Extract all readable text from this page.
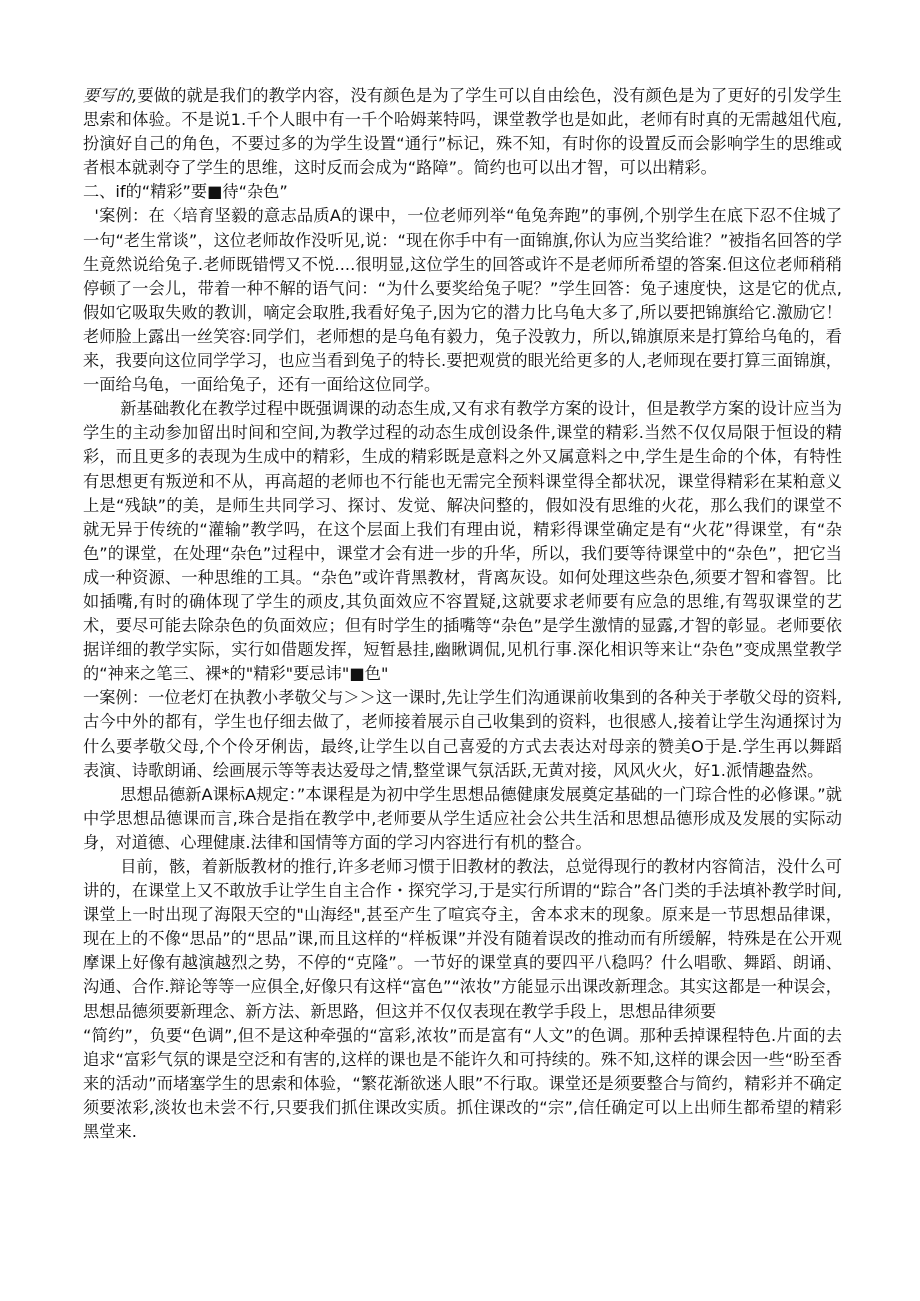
要写的,要做的就是我们的教学内容，没有颜色是为了学生可以自由绘色，没有颜色是为了更好的引发学生思索和体验。不是说1.千个人眼中有一千个哈姆莱特吗，课堂教学也是如此，老师有时真的无需越俎代庖,扮演好自己的角色，不要过多的为学生设置“通行”标记，殊不知，有时你的设置反而会影响学生的思维或者根本就剥夺了学生的思维，这时反而会成为“路障”。简约也可以出才智，可以出精彩。

二、if的“精彩”要■待“杂色”

'案例：在〈培育坚毅的意志品质A的课中，一位老师列举“龟兔奔跑”的事例,个别学生在底下忍不住城了一句“老生常谈”，这位老师故作没听见,说：“现在你手中有一面锦旗,你认为应当奖给谁？”被指名回答的学生竟然说给兔子.老师既错愕又不悦....很明显,这位学生的回答或许不是老师所希望的答案.但这位老师稍稍停顿了一会儿，带着一种不解的语气问：“为什么要奖给兔子呢？”学生回答：兔子速度快，这是它的优点,假如它吸取失败的教训，嘀定会取胜,我看好兔子,因为它的潜力比乌龟大多了,所以要把锦旗给它.激励它！老师脸上露出一丝笑容:同学们，老师想的是乌龟有毅力，兔子没敦力，所以,锦旗原来是打算给乌龟的，看来，我要向这位同学学习，也应当看到兔子的特长.要把观赏的眼光给更多的人,老师现在要打算三面锦旗，一面给乌龟，一面给兔子，还有一面给这位同学。

新基础教化在教学过程中既强调课的动态生成,又有求有教学方案的设计，但是教学方案的设计应当为学生的主动参加留出时间和空间,为教学过程的动态生成创设条件,课堂的精彩.当然不仅仅局限于恒设的精彩，而且更多的表现为生成中的精彩，生成的精彩既是意料之外又属意料之中,学生是生命的个体，有特性有思想更有叛逆和不从，再高超的老师也不行能也无需完全预料课堂得全都状况，课堂得精彩在某粕意义上是“残缺”的美，是师生共同学习、探讨、发觉、解决问整的，假如没有思维的火花，那么我们的课堂不就无异于传统的“灌输”教学吗，在这个层面上我们有理由说，精彩得课堂确定是有“火花”得课堂，有“杂色”的课堂，在处理“杂色”过程中，课堂才会有进一步的升华，所以，我们要等待课堂中的“杂色”，把它当成一种资源、一种思维的工具。“杂色”或许背黑教材，背离灰设。如何处理这些杂色,须要才智和睿智。比如插嘴,有时的确体现了学生的顽皮,其负面效应不容置疑,这就要求老师要有应急的思维,有驾驭课堂的艺术，要尽可能去除杂色的负面效应；但有时学生的插嘴等“杂色”是学生激情的显露,才智的彰显。老师要依据详细的教学实际，实行如借题发挥，短暂悬挂,幽瞅调侃,见机行事.深化相识等来让“杂色”变成黑堂教学的“神来之笔三、裸*的"精彩"要忌讳"■色"

一案例：一位老灯在执教小孝敬父与＞＞这一课时,先让学生们沟通课前收集到的各种关于孝敬父母的资料,古今中外的都有，学生也仔细去做了，老师接着展示自己收集到的资料，也很感人,接着让学生沟通探讨为什么要孝敬父母,个个伶牙俐齿，最终,让学生以自己喜爱的方式去表达对母亲的赞美O于是.学生再以舞蹈表演、诗歌朗诵、绘画展示等等表达爱母之情,整堂课气氛活跃,无黄对接，风风火火，好1.派情趣盎然。

思想品德新A课标A规定：”本课程是为初中学生思想品德健康发展奠定基础的一门琮合性的必修课。”就中学思想品德课而言,珠合是指在教学中,老师要从学生适应社会公共生活和思想品德形成及发展的实际动身，对道德、心理健康.法律和国情等方面的学习内容进行有机的整合。

目前，骸，着新版教材的推行,许多老师习惯于旧教材的教法，总觉得现行的教材内容简洁，没什么可讲的，在课堂上又不敢放手让学生自主合作・探究学习,于是实行所谓的“踪合”各门类的手法填补教学时间,课堂上一时出现了海限天空的"山海经",甚至产生了喧宾夺主，舍本求末的现象。原来是一节思想品律课，现在上的不像“思品”的“思品”课,而且这样的“样板课”并没有随着误改的推动而有所缓解，特殊是在公开观摩课上好像有越演越烈之势，不停的“克隆”。一节好的课堂真的要四平八稳吗？什么唱歌、舞蹈、朗诵、沟通、合作.辩论等等一应俱全,好像只有这样“富色”“浓妆”方能显示出课改新理念。其实这都是一种误会，思想品德须要新理念、新方法、新思路，但这并不仅仅表现在教学手段上，思想品律须要

“简约”，负要“色调”,但不是这种牵强的“富彩,浓妆”而是富有“人文”的色调。那种丢掉课程特色.片面的去追求“富彩气氛的课是空泛和有害的,这样的课也是不能许久和可持续的。殊不知,这样的课会因一些“盼至香来的活动”而堵塞学生的思索和体验，“繁花渐欲迷人眼”不行取。课堂还是须要整合与简约，精彩并不确定须要浓彩,淡妆也未尝不行,只要我们抓住课改实质。抓住课改的“宗”,信任确定可以上出师生都希望的精彩黑堂来.
